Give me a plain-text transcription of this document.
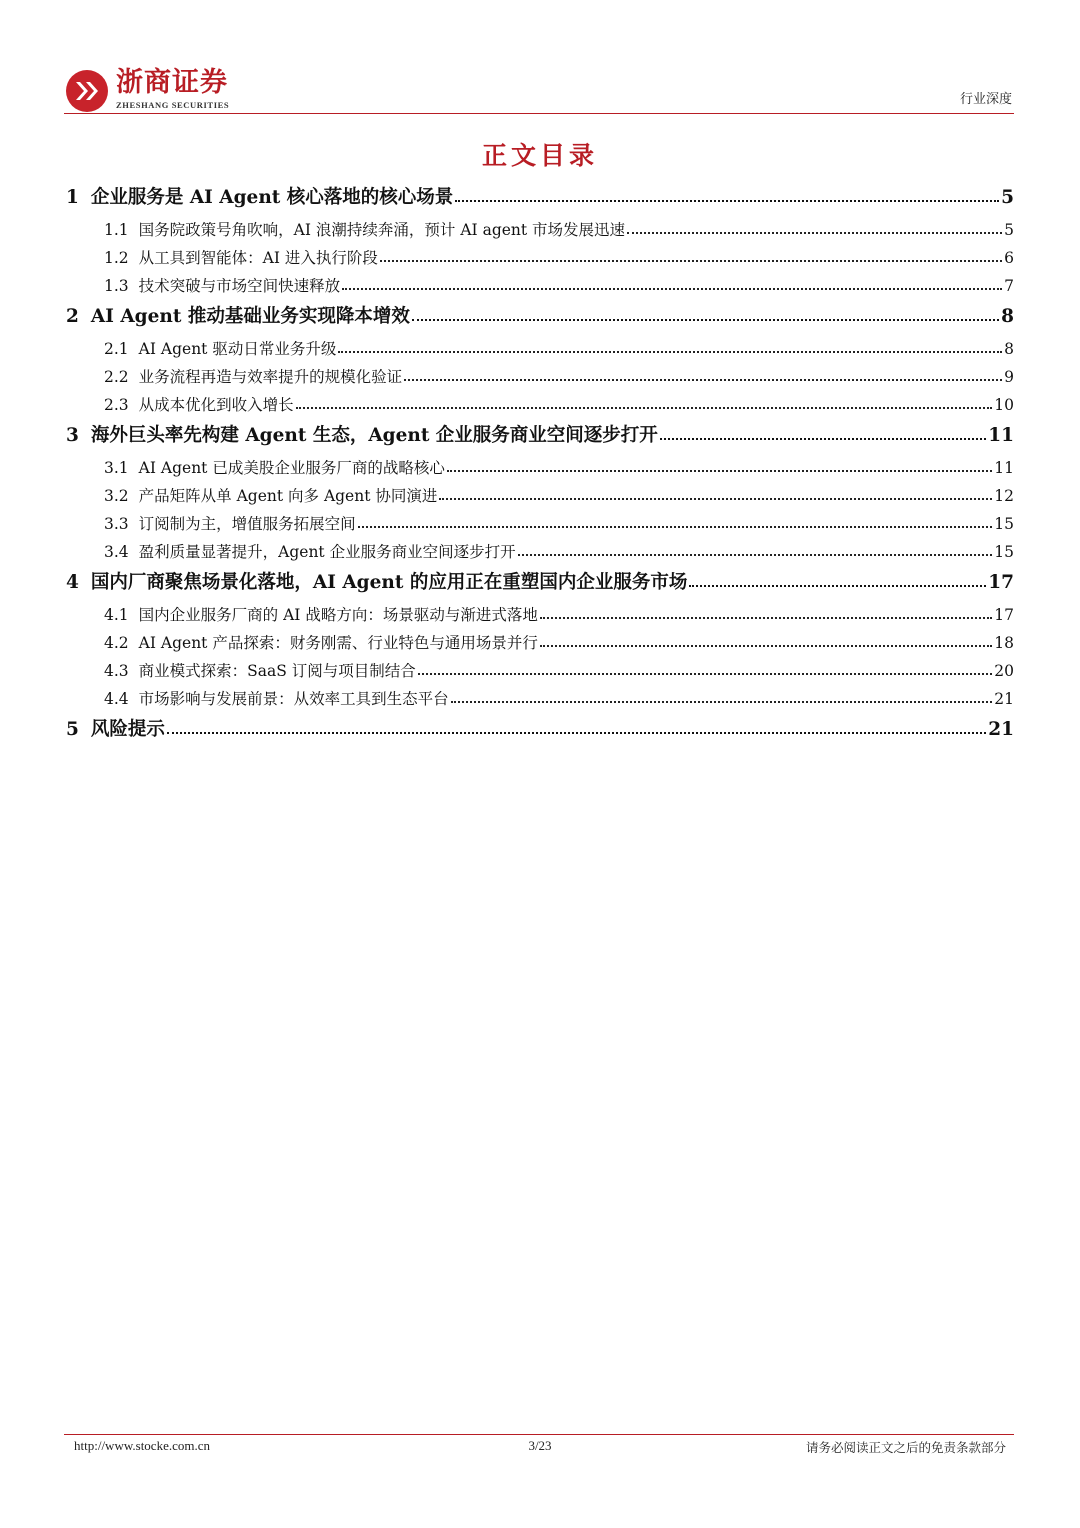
浙商证券
ZHESHANG SECURITIES	行业深度
正文目录
1 企业服务是 AI Agent 核心落地的核心场景	5
1.1 国务院政策号角吹响，AI 浪潮持续奔涌，预计 AI agent 市场发展迅速	5
1.2 从工具到智能体：AI 进入执行阶段	6
1.3 技术突破与市场空间快速释放	7
2 AI Agent 推动基础业务实现降本增效	8
2.1 AI Agent 驱动日常业务升级	8
2.2 业务流程再造与效率提升的规模化验证	9
2.3 从成本优化到收入增长	10
3 海外巨头率先构建 Agent 生态，Agent 企业服务商业空间逐步打开	11
3.1 AI Agent 已成美股企业服务厂商的战略核心	11
3.2 产品矩阵从单 Agent 向多 Agent 协同演进	12
3.3 订阅制为主，增值服务拓展空间	15
3.4 盈利质量显著提升，Agent 企业服务商业空间逐步打开	15
4 国内厂商聚焦场景化落地，AI Agent 的应用正在重塑国内企业服务市场	17
4.1 国内企业服务厂商的 AI 战略方向：场景驱动与渐进式落地	17
4.2 AI Agent 产品探索：财务刚需、行业特色与通用场景并行	18
4.3 商业模式探索：SaaS 订阅与项目制结合	20
4.4 市场影响与发展前景：从效率工具到生态平台	21
5 风险提示	21
http://www.stocke.com.cn	3/23	请务必阅读正文之后的免责条款部分
